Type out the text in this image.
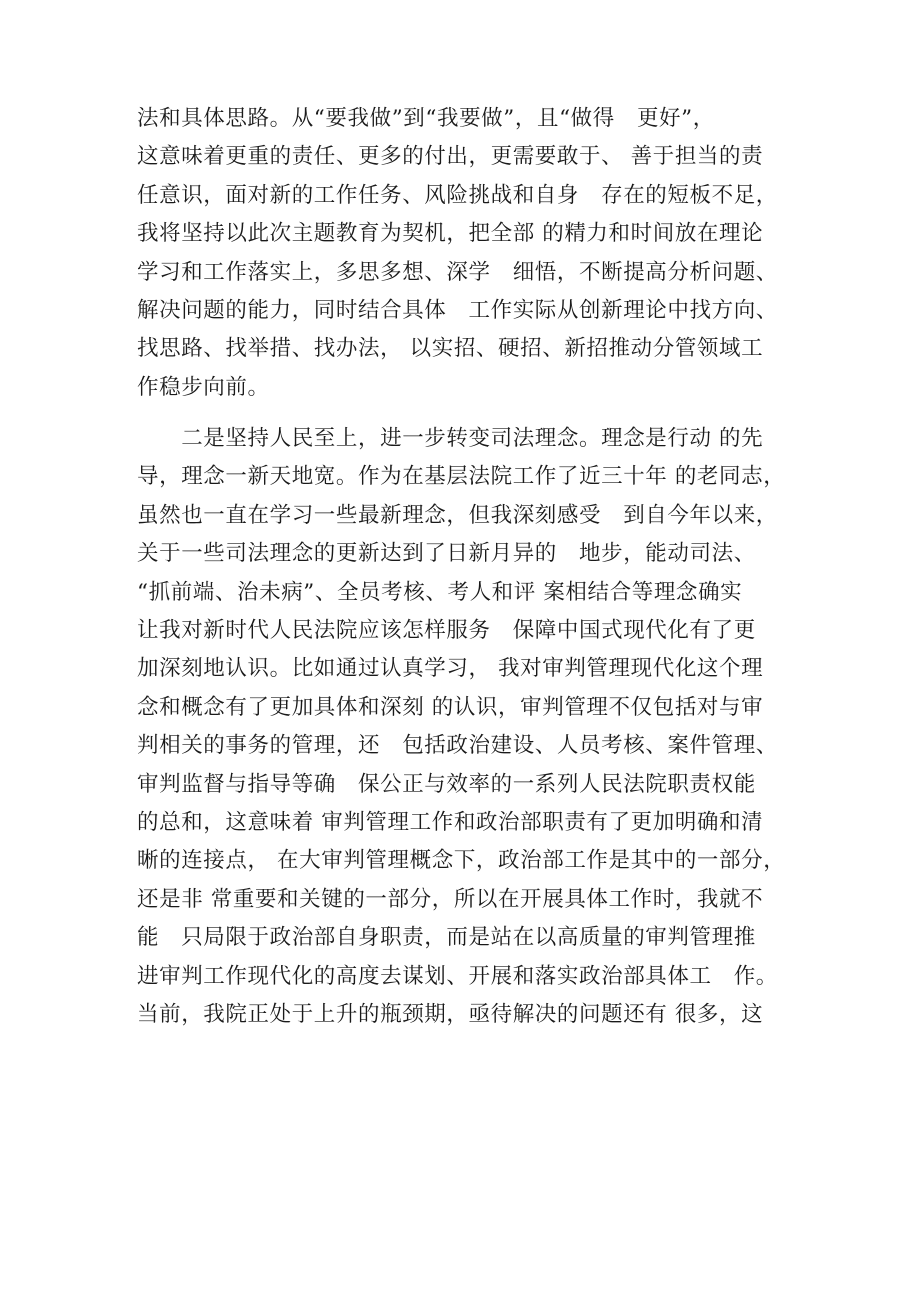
法和具体思路。从“要我做”到“我要做”，且“做得　更好”，
这意味着更重的责任、更多的付出，更需要敢于、 善于担当的责
任意识，面对新的工作任务、风险挑战和自身　存在的短板不足，
我将坚持以此次主题教育为契机，把全部 的精力和时间放在理论
学习和工作落实上，多思多想、深学　细悟，不断提高分析问题、
解决问题的能力，同时结合具体　工作实际从创新理论中找方向、
找思路、找举措、找办法， 以实招、硬招、新招推动分管领域工
作稳步向前。
　　二是坚持人民至上，进一步转变司法理念。理念是行动 的先
导，理念一新天地宽。作为在基层法院工作了近三十年 的老同志，
虽然也一直在学习一些最新理念，但我深刻感受　到自今年以来，
关于一些司法理念的更新达到了日新月异的　地步，能动司法、
“抓前端、治未病”、全员考核、考人和评 案相结合等理念确实
让我对新时代人民法院应该怎样服务　保障中国式现代化有了更
加深刻地认识。比如通过认真学习， 我对审判管理现代化这个理
念和概念有了更加具体和深刻 的认识，审判管理不仅包括对与审
判相关的事务的管理，还　包括政治建设、人员考核、案件管理、
审判监督与指导等确　保公正与效率的一系列人民法院职责权能
的总和，这意味着 审判管理工作和政治部职责有了更加明确和清
晰的连接点， 在大审判管理概念下，政治部工作是其中的一部分，
还是非 常重要和关键的一部分，所以在开展具体工作时，我就不
能　只局限于政治部自身职责，而是站在以高质量的审判管理推
进审判工作现代化的高度去谋划、开展和落实政治部具体工　作。
当前，我院正处于上升的瓶颈期，亟待解决的问题还有 很多，这
